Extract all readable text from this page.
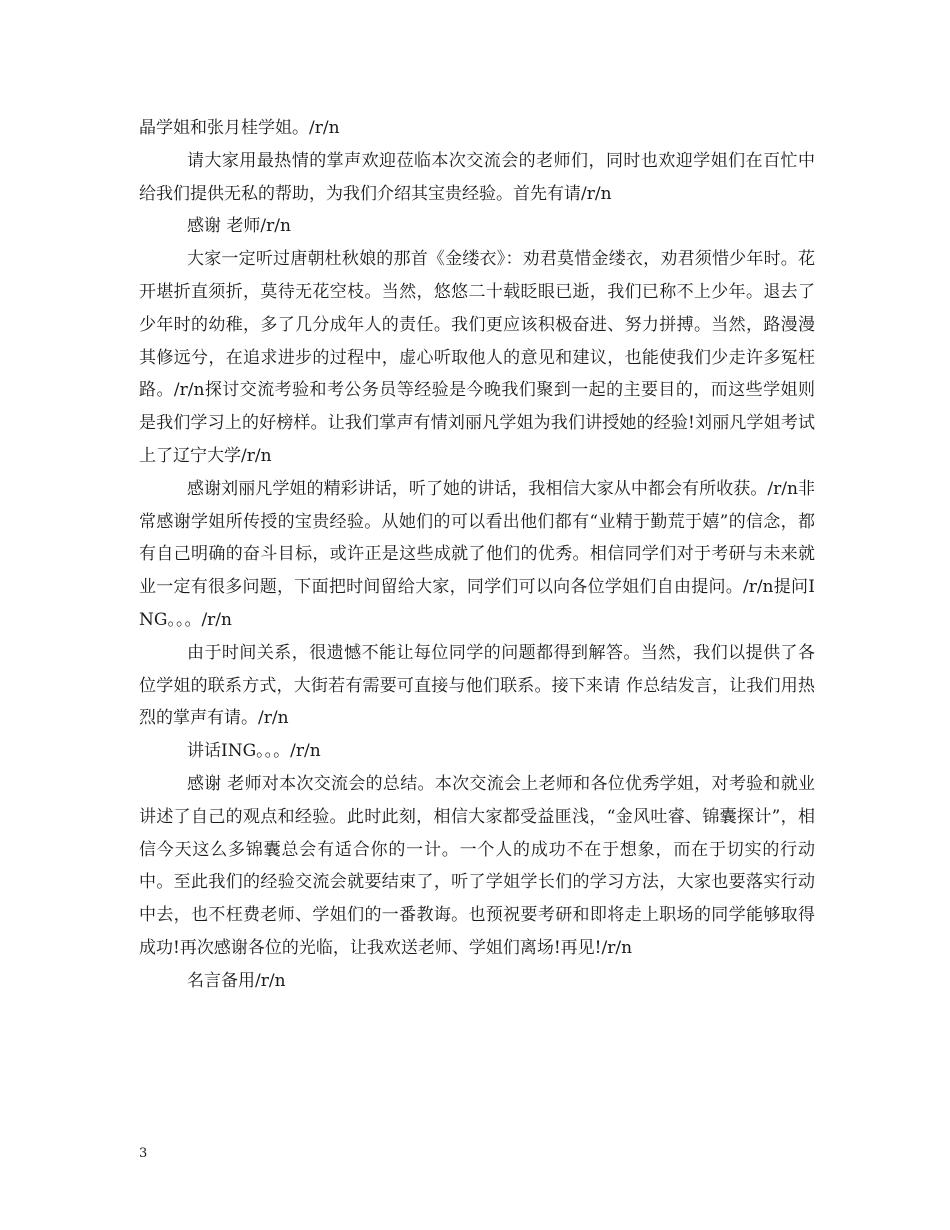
晶学姐和张月桂学姐。/r/n

请大家用最热情的掌声欢迎莅临本次交流会的老师们，同时也欢迎学姐们在百忙中给我们提供无私的帮助，为我们介绍其宝贵经验。首先有请/r/n

感谢 老师/r/n

大家一定听过唐朝杜秋娘的那首《金缕衣》：劝君莫惜金缕衣，劝君须惜少年时。花开堪折直须折，莫待无花空枝。当然，悠悠二十载眨眼已逝，我们已称不上少年。退去了少年时的幼稚，多了几分成年人的责任。我们更应该积极奋进、努力拼搏。当然，路漫漫其修远兮，在追求进步的过程中，虚心听取他人的意见和建议，也能使我们少走许多冤枉路。/r/n探讨交流考验和考公务员等经验是今晚我们聚到一起的主要目的，而这些学姐则是我们学习上的好榜样。让我们掌声有情刘丽凡学姐为我们讲授她的经验!刘丽凡学姐考试上了辽宁大学/r/n

感谢刘丽凡学姐的精彩讲话，听了她的讲话，我相信大家从中都会有所收获。/r/n非常感谢学姐所传授的宝贵经验。从她们的可以看出他们都有“业精于勤荒于嬉”的信念，都有自己明确的奋斗目标，或许正是这些成就了他们的优秀。相信同学们对于考研与未来就业一定有很多问题，下面把时间留给大家，同学们可以向各位学姐们自由提问。/r/n提问ING。。。/r/n

由于时间关系，很遗憾不能让每位同学的问题都得到解答。当然，我们以提供了各位学姐的联系方式，大街若有需要可直接与他们联系。接下来请 作总结发言，让我们用热烈的掌声有请。/r/n

讲话ING。。。/r/n

感谢 老师对本次交流会的总结。本次交流会上老师和各位优秀学姐，对考验和就业讲述了自己的观点和经验。此时此刻，相信大家都受益匪浅，“金风吐睿、锦囊探计”，相信今天这么多锦囊总会有适合你的一计。一个人的成功不在于想象，而在于切实的行动中。至此我们的经验交流会就要结束了，听了学姐学长们的学习方法，大家也要落实行动中去，也不枉费老师、学姐们的一番教诲。也预祝要考研和即将走上职场的同学能够取得成功!再次感谢各位的光临，让我欢送老师、学姐们离场!再见!/r/n

名言备用/r/n

3
